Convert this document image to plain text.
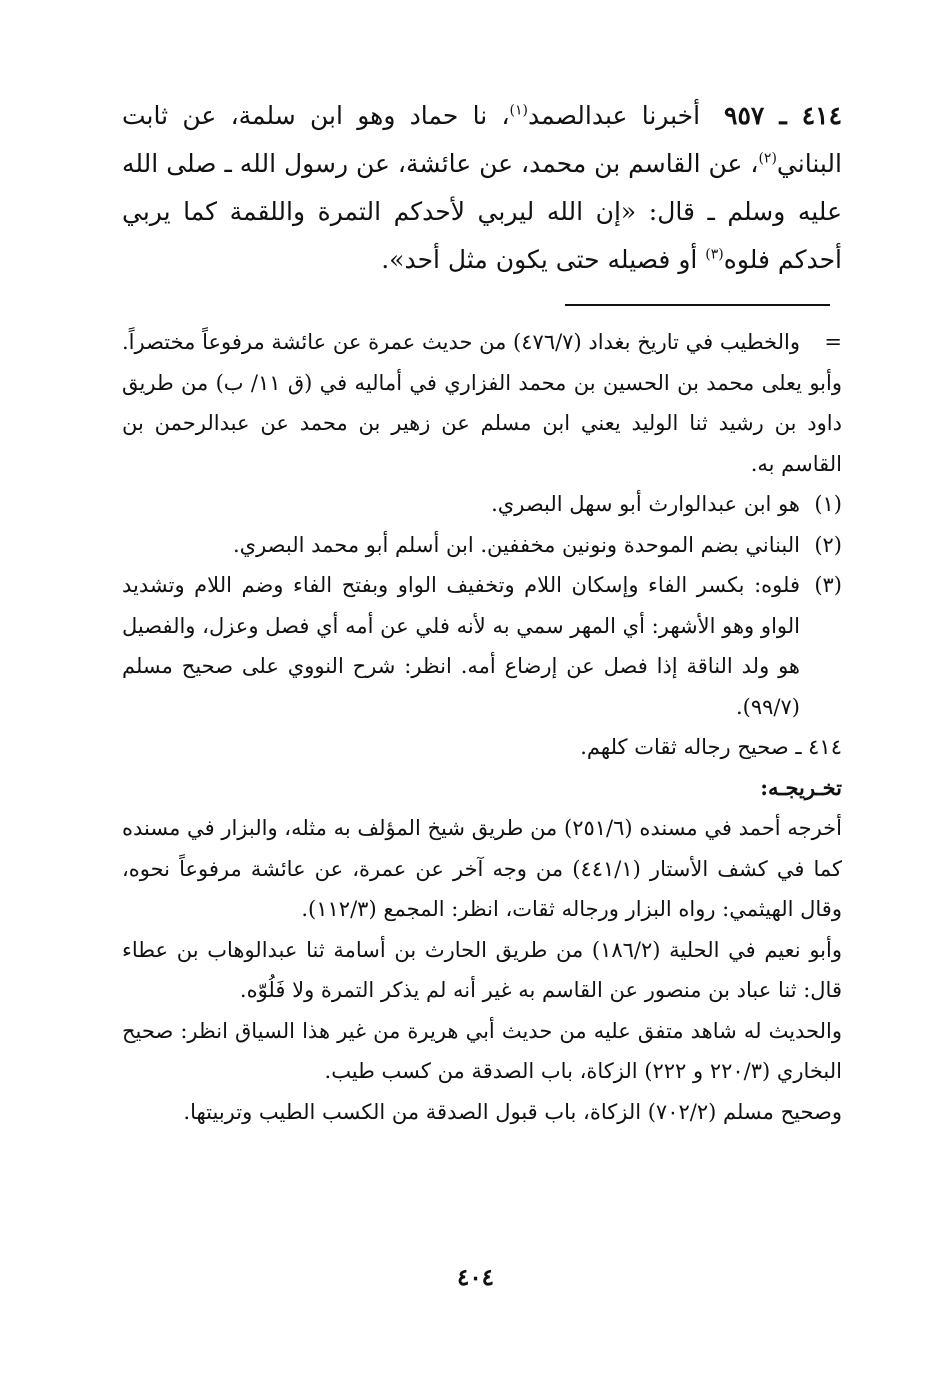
٤١٤ ـ ٩٥٧أخبرنا عبدالصمد$^{(١)}$، نا حماد وهو ابن سلمة، عن ثابت البناني$^{(٢)}$، عن القاسم بن محمد، عن عائشة، عن رسول الله ـ صلى الله عليه وسلم ـ قال: «إن الله ليربي لأحدكم التمرة واللقمة كما يربي أحدكم فلوه$^{(٣)}$ أو فصيله حتى يكون مثل أحد».

=
والخطيب في تاريخ بغداد (٤٧٦/٧) من حديث عمرة عن عائشة مرفوعاً مختصراً.
وأبو يعلى محمد بن الحسين بن محمد الفزاري في أماليه في (ق ١١/ ب) من طريق داود بن رشيد ثنا الوليد يعني ابن مسلم عن زهير بن محمد عن عبدالرحمن بن القاسم به.
(١)
هو ابن عبدالوارث أبو سهل البصري.
(٢)
البناني بضم الموحدة ونونين مخففين. ابن أسلم أبو محمد البصري.
(٣)
فلوه: بكسر الفاء وإسكان اللام وتخفيف الواو وبفتح الفاء وضم اللام وتشديد الواو وهو الأشهر: أي المهر سمي به لأنه فلي عن أمه أي فصل وعزل، والفصيل هو ولد الناقة إذا فصل عن إرضاع أمه. انظر: شرح النووي على صحيح مسلم (٩٩/٧).
٤١٤ ـ صحيح رجاله ثقات كلهم.
تخـريجـه:
أخرجه أحمد في مسنده (٢٥١/٦) من طريق شيخ المؤلف به مثله، والبزار في مسنده كما في كشف الأستار (٤٤١/١) من وجه آخر عن عمرة، عن عائشة مرفوعاً نحوه، وقال الهيثمي: رواه البزار ورجاله ثقات، انظر: المجمع (١١٢/٣).
وأبو نعيم في الحلية (١٨٦/٢) من طريق الحارث بن أسامة ثنا عبدالوهاب بن عطاء قال: ثنا عباد بن منصور عن القاسم به غير أنه لم يذكر التمرة ولا فَلُوّه.
والحديث له شاهد متفق عليه من حديث أبي هريرة من غير هذا السياق انظر: صحيح البخاري (٢٢٠/٣ و ٢٢٢) الزكاة، باب الصدقة من كسب طيب.
وصحيح مسلم (٧٠٢/٢) الزكاة، باب قبول الصدقة من الكسب الطيب وتربيتها.
٤٠٤
